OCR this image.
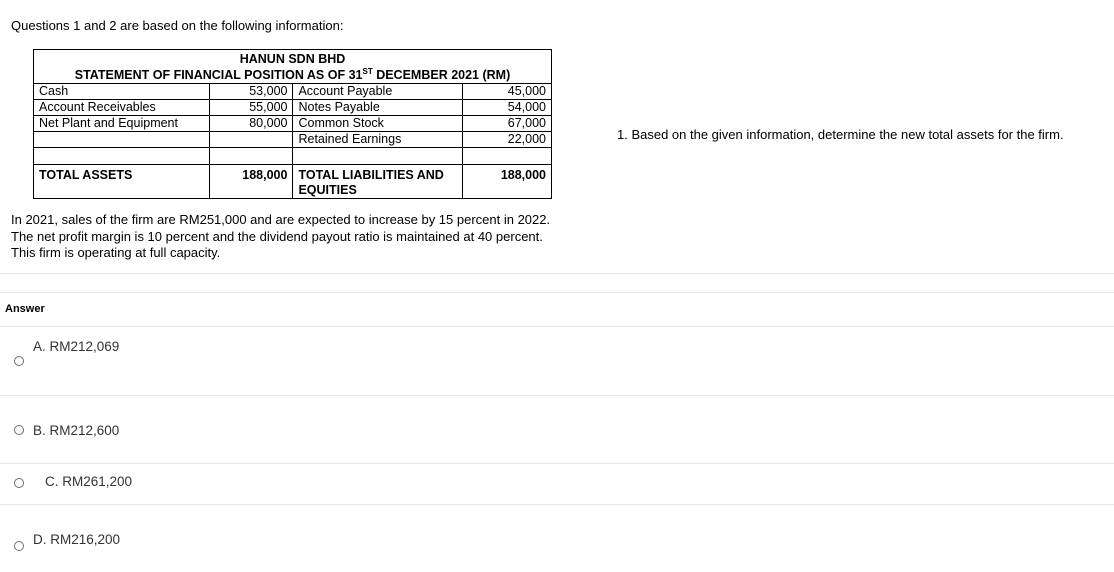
Questions 1 and 2 are based on the following information:
HANUN SDN BHD
STATEMENT OF FINANCIAL POSITION AS OF 31ST DECEMBER 2021 (RM)			

Cash	53,000	Account Payable	45,000
Account Receivables	55,000	Notes Payable	54,000
Net Plant and Equipment	80,000	Common Stock	67,000
		Retained Earnings	22,000

TOTAL ASSETS	188,000	TOTAL LIABILITIES AND
EQUITIES	188,000
In 2021, sales of the firm are RM251,000 and are expected to increase by 15 percent in 2022.
The net profit margin is 10 percent and the dividend payout ratio is maintained at 40 percent.
This firm is operating at full capacity.
1. Based on the given information, determine the new total assets for the firm.
Answer
A. RM212,069
B. RM212,600
C. RM261,200
D. RM216,200
